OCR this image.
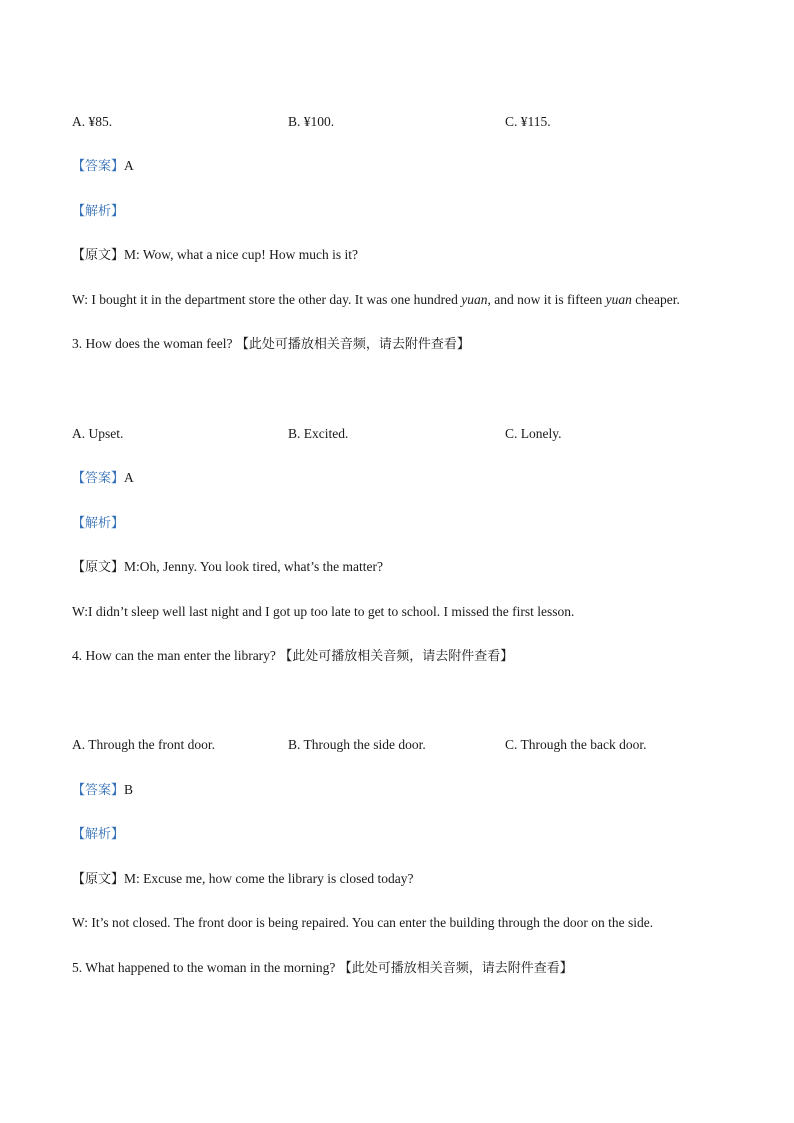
A. ¥85.	B. ¥100.	C. ¥115.
【答案】A
【解析】
【原文】M: Wow, what a nice cup! How much is it?
W: I bought it in the department store the other day. It was one hundred yuan, and now it is fifteen yuan cheaper.
3. How does the woman feel? 【此处可播放相关音频，请去附件查看】
A. Upset.	B. Excited.	C. Lonely.
【答案】A
【解析】
【原文】M:Oh, Jenny. You look tired, what’s the matter?
W:I didn’t sleep well last night and I got up too late to get to school. I missed the first lesson.
4. How can the man enter the library? 【此处可播放相关音频，请去附件查看】
A. Through the front door.	B. Through the side door.	C. Through the back door.
【答案】B
【解析】
【原文】M: Excuse me, how come the library is closed today?
W: It’s not closed. The front door is being repaired. You can enter the building through the door on the side.
5. What happened to the woman in the morning? 【此处可播放相关音频，请去附件查看】
